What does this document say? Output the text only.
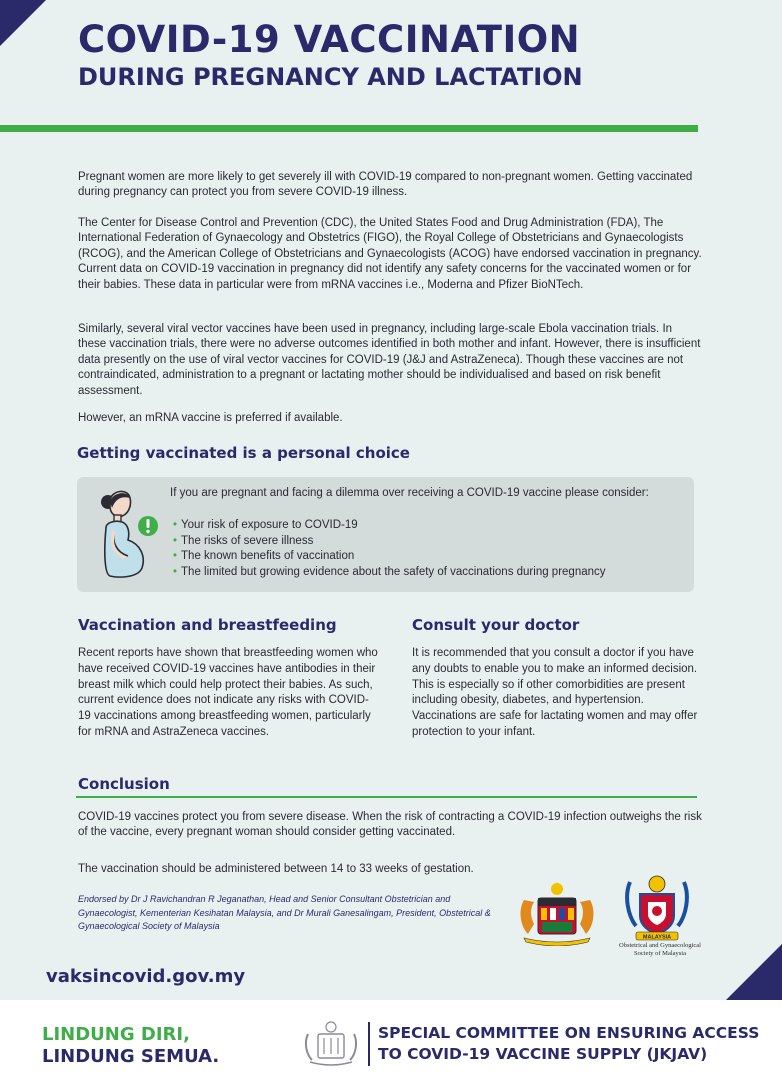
COVID-19 VACCINATION
DURING PREGNANCY AND LACTATION

Pregnant women are more likely to get severely ill with COVID-19 compared to non-pregnant women. Getting vaccinated during pregnancy can protect you from severe COVID-19 illness.

The Center for Disease Control and Prevention (CDC), the United States Food and Drug Administration (FDA), The International Federation of Gynaecology and Obstetrics (FIGO), the Royal College of Obstetricians and Gynaecologists (RCOG), and the American College of Obstetricians and Gynaecologists (ACOG) have endorsed vaccination in pregnancy. Current data on COVID-19 vaccination in pregnancy did not identify any safety concerns for the vaccinated women or for their babies. These data in particular were from mRNA vaccines i.e., Moderna and Pfizer BioNTech.

Similarly, several viral vector vaccines have been used in pregnancy, including large-scale Ebola vaccination trials. In these vaccination trials, there were no adverse outcomes identified in both mother and infant. However, there is insufficient data presently on the use of viral vector vaccines for COVID-19 (J&J and AstraZeneca). Though these vaccines are not contraindicated, administration to a pregnant or lactating mother should be individualised and based on risk benefit assessment.

However, an mRNA vaccine is preferred if available.

Getting vaccinated is a personal choice

If you are pregnant and facing a dilemma over receiving a COVID-19 vaccine please consider:

• Your risk of exposure to COVID-19
• The risks of severe illness
• The known benefits of vaccination
• The limited but growing evidence about the safety of vaccinations during pregnancy
Vaccination and breastfeeding

Recent reports have shown that breastfeeding women who have received COVID-19 vaccines have antibodies in their breast milk which could help protect their babies. As such, current evidence does not indicate any risks with COVID-19 vaccinations among breastfeeding women, particularly for mRNA and AstraZeneca vaccines.

Consult your doctor

It is recommended that you consult a doctor if you have any doubts to enable you to make an informed decision. This is especially so if other comorbidities are present including obesity, diabetes, and hypertension. Vaccinations are safe for lactating women and may offer protection to your infant.

Conclusion

COVID-19 vaccines protect you from severe disease. When the risk of contracting a COVID-19 infection outweighs the risk of the vaccine, every pregnant woman should consider getting vaccinated.

The vaccination should be administered between 14 to 33 weeks of gestation.

Endorsed by Dr J Ravichandran R Jeganathan, Head and Senior Consultant Obstetrician and Gynaecologist, Kementerian Kesihatan Malaysia, and Dr Murali Ganesalingam, President, Obstetrical & Gynaecological Society of Malaysia

MALAYSIA

Obstetrical and Gynaecological Society of Malaysia

vaksincovid.gov.my

LINDUNG DIRI,
LINDUNG SEMUA.

SPECIAL COMMITTEE ON ENSURING ACCESS
TO COVID-19 VACCINE SUPPLY (JKJAV)
